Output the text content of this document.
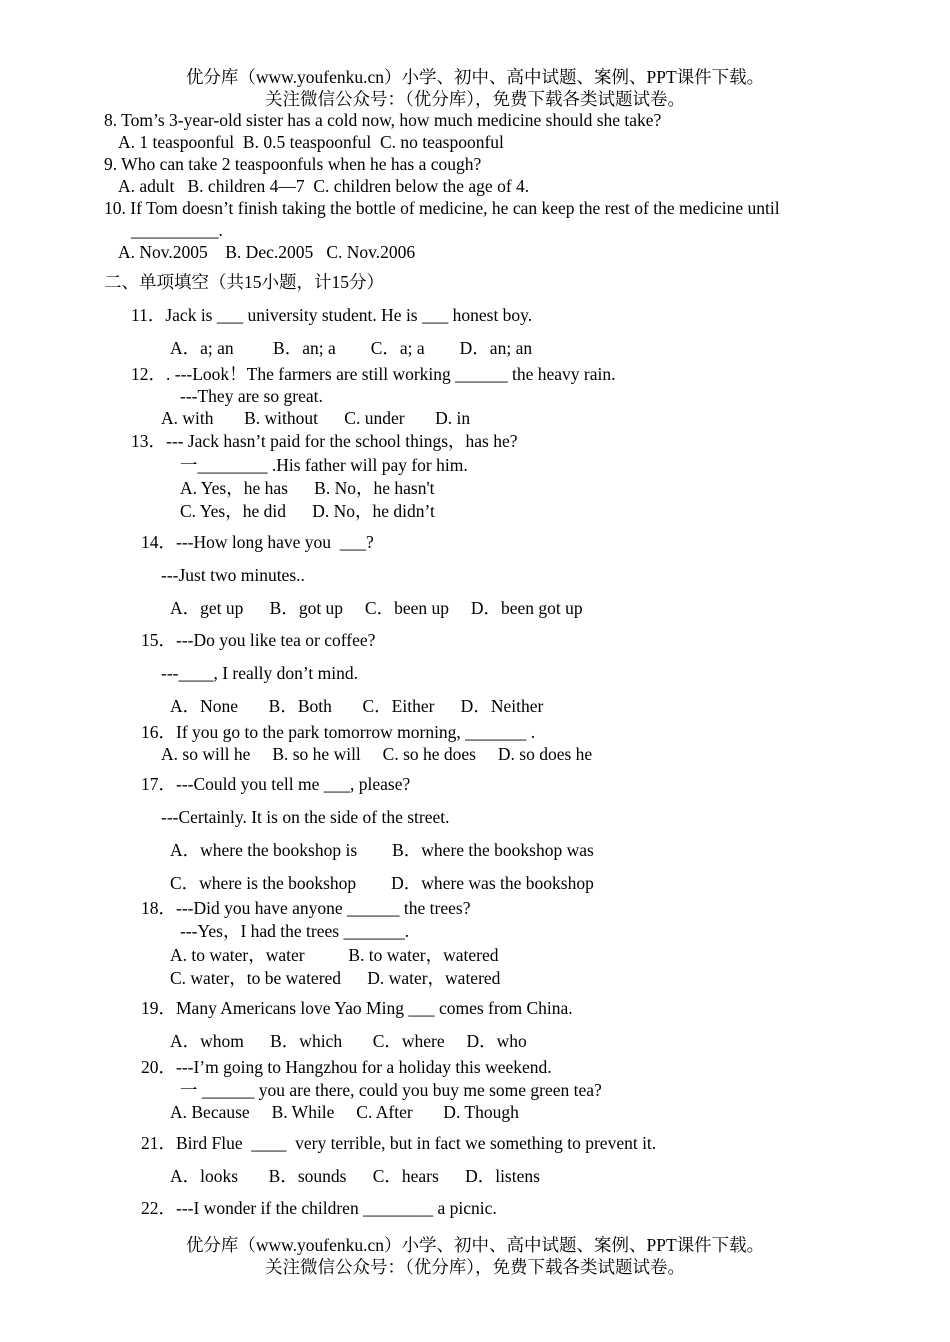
优分库（www.youfenku.cn）小学、初中、高中试题、案例、PPT课件下载。
关注微信公众号：（优分库），免费下载各类试题试卷。
8. Tom’s 3-year-old sister has a cold now, how much medicine should she take?
A. 1 teaspoonful  B. 0.5 teaspoonful  C. no teaspoonful
9. Who can take 2 teaspoonfuls when he has a cough?
A. adult   B. children 4—7  C. children below the age of 4.
10. If Tom doesn’t finish taking the bottle of medicine, he can keep the rest of the medicine until
__________.
A. Nov.2005    B. Dec.2005   C. Nov.2006
二、单项填空（共15小题，计15分）
11．Jack is ___ university student. He is ___ honest boy.
A．a; an         B．an; a        C．a; a        D．an; an
12．. ---Look！The farmers are still working ______ the heavy rain.
---They are so great.
A. with       B. without      C. under       D. in
13．--- Jack hasn’t paid for the school things，has he?
一________ .His father will pay for him.
A. Yes，he has      B. No，he hasn't
C. Yes，he did      D. No，he didn’t
14．---How long have you  ___?
---Just two minutes..
A．get up      B．got up     C．been up     D．been got up
15．---Do you like tea or coffee?
---____, I really don’t mind.
A．None       B．Both       C．Either      D．Neither
16．If you go to the park tomorrow morning, _______ .
A. so will he     B. so he will     C. so he does     D. so does he
17．---Could you tell me ___, please?
---Certainly. It is on the side of the street.
A．where the bookshop is        B．where the bookshop was
C．where is the bookshop        D．where was the bookshop
18．---Did you have anyone ______ the trees?
---Yes，I had the trees _______.
A. to water，water          B. to water，watered
C. water，to be watered      D. water，watered
19．Many Americans love Yao Ming ___ comes from China.
A．whom      B．which       C．where     D．who
20．---I’m going to Hangzhou for a holiday this weekend.
一 ______ you are there, could you buy me some green tea?
A. Because     B. While     C. After       D. Though
21．Bird Flue  ____  very terrible, but in fact we something to prevent it.
A．looks       B．sounds      C．hears      D．listens
22．---I wonder if the children ________ a picnic.
优分库（www.youfenku.cn）小学、初中、高中试题、案例、PPT课件下载。
关注微信公众号：（优分库），免费下载各类试题试卷。
